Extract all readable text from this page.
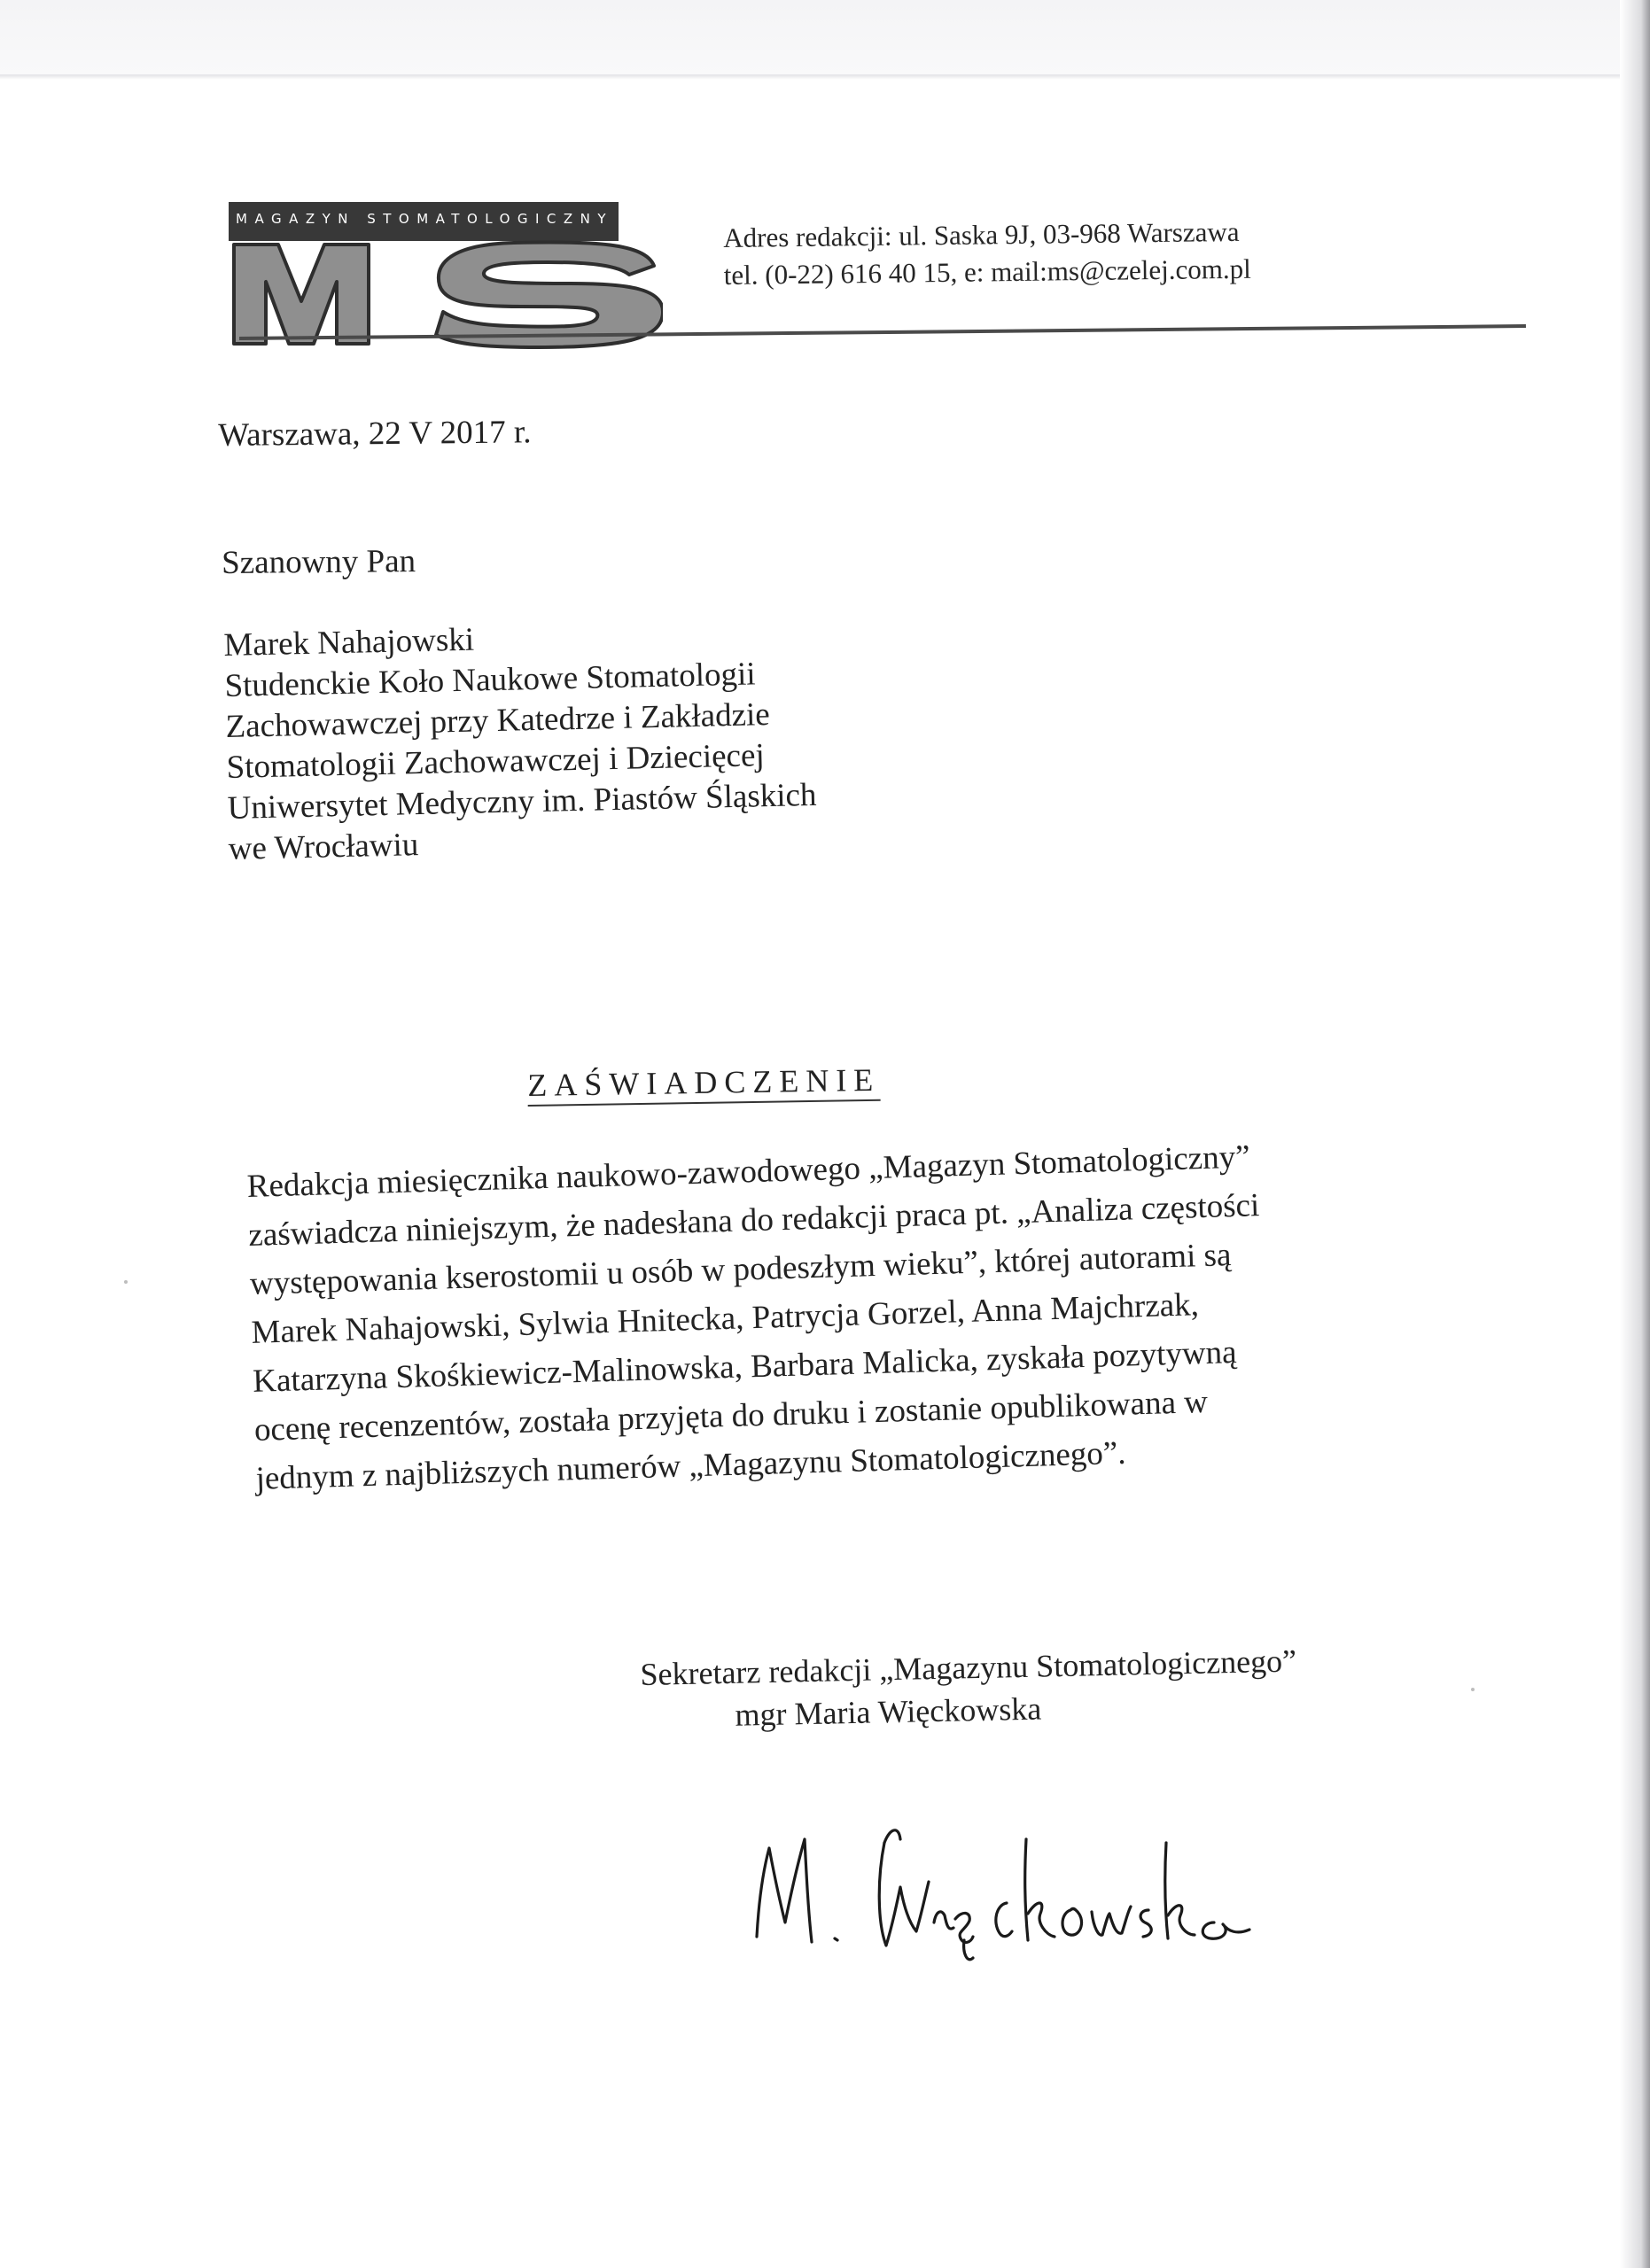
MAGAZYN STOMATOLOGICZNY	Adres redakcji: ul. Saska 9J, 03-968 Warszawa
tel. (0-22) 616 40 15, e: mail:ms@czelej.com.pl
Warszawa, 22 V 2017 r.
Szanowny Pan
Marek Nahajowski
Studenckie Koło Naukowe Stomatologii
Zachowawczej przy Katedrze i Zakładzie
Stomatologii Zachowawczej i Dziecięcej
Uniwersytet Medyczny im. Piastów Śląskich
we Wrocławiu
ZAŚWIADCZENIE
Redakcja miesięcznika naukowo-zawodowego „Magazyn Stomatologiczny”
zaświadcza niniejszym, że nadesłana do redakcji praca pt. „Analiza częstości
występowania kserostomii u osób w podeszłym wieku”, której autorami są
Marek Nahajowski, Sylwia Hnitecka, Patrycja Gorzel, Anna Majchrzak,
Katarzyna Skośkiewicz-Malinowska, Barbara Malicka, zyskała pozytywną
ocenę recenzentów, została przyjęta do druku i zostanie opublikowana w
jednym z najbliższych numerów „Magazynu Stomatologicznego”.
Sekretarz redakcji „Magazynu Stomatologicznego”
mgr Maria Więckowska
